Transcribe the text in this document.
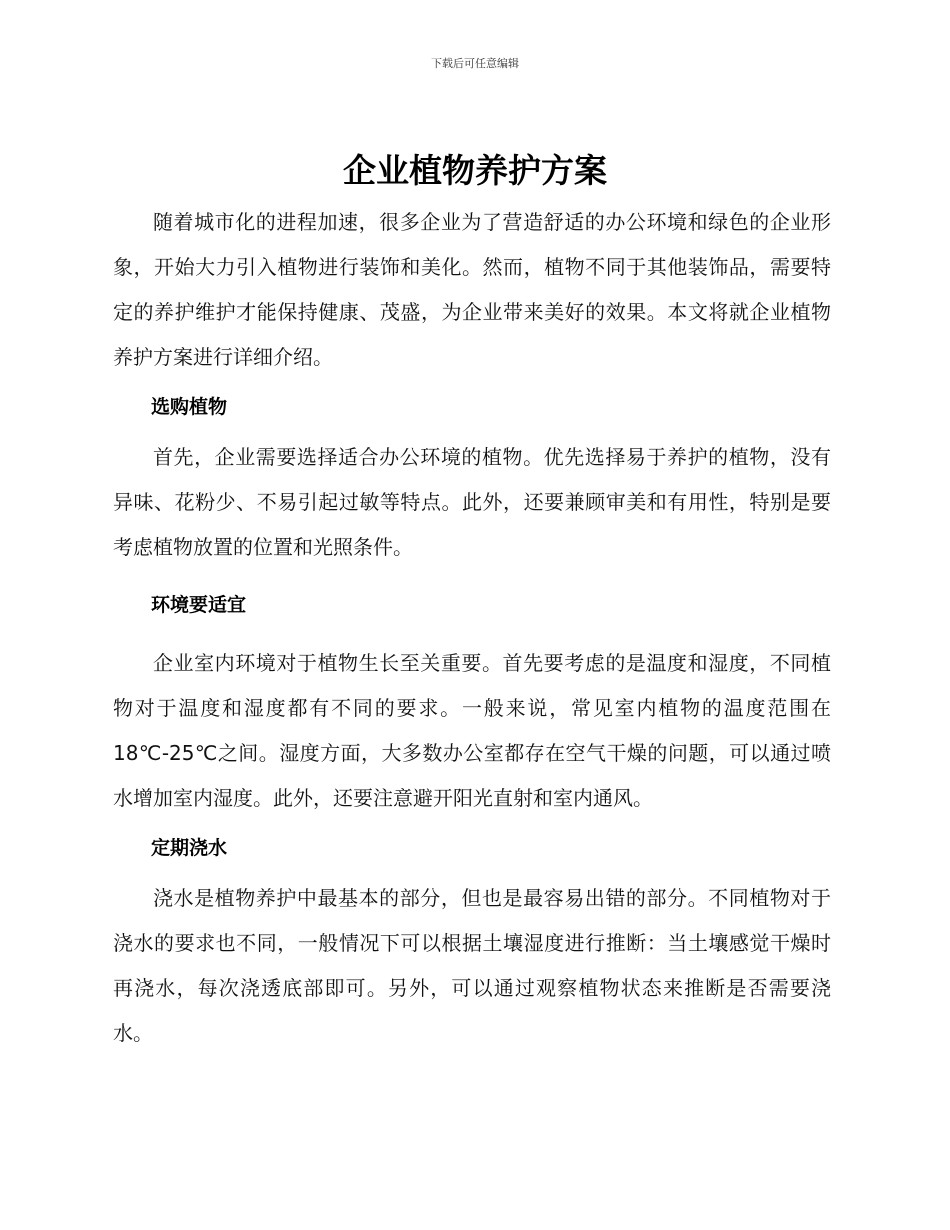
下载后可任意编辑
企业植物养护方案

随着城市化的进程加速，很多企业为了营造舒适的办公环境和绿色的企业形象，开始大力引入植物进行装饰和美化。然而，植物不同于其他装饰品，需要特定的养护维护才能保持健康、茂盛，为企业带来美好的效果。本文将就企业植物养护方案进行详细介绍。

选购植物

首先，企业需要选择适合办公环境的植物。优先选择易于养护的植物，没有异味、花粉少、不易引起过敏等特点。此外，还要兼顾审美和有用性，特别是要考虑植物放置的位置和光照条件。

环境要适宜

企业室内环境对于植物生长至关重要。首先要考虑的是温度和湿度，不同植物对于温度和湿度都有不同的要求。一般来说，常见室内植物的温度范围在 18℃-25℃之间。湿度方面，大多数办公室都存在空气干燥的问题，可以通过喷水增加室内湿度。此外，还要注意避开阳光直射和室内通风。

定期浇水

浇水是植物养护中最基本的部分，但也是最容易出错的部分。不同植物对于浇水的要求也不同，一般情况下可以根据土壤湿度进行推断：当土壤感觉干燥时再浇水，每次浇透底部即可。另外，可以通过观察植物状态来推断是否需要浇水。
